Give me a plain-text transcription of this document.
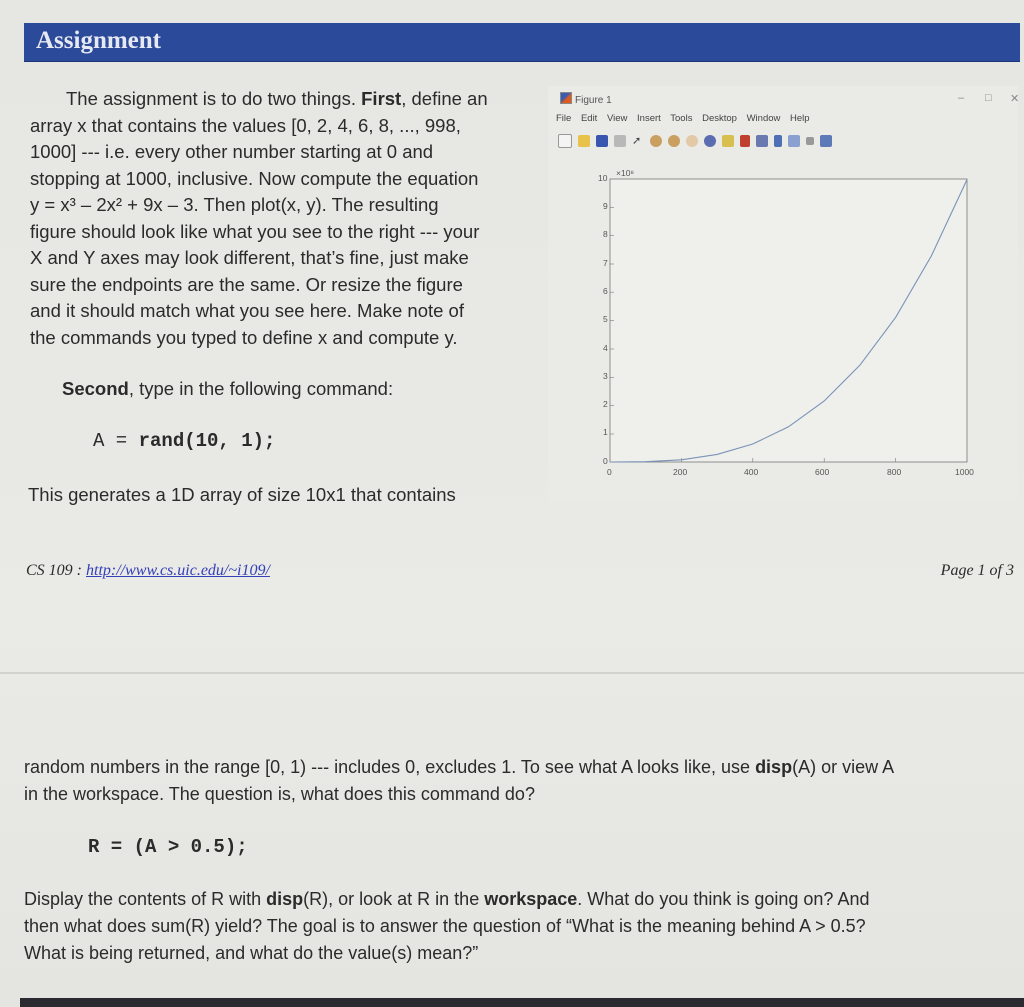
Assignment
The assignment is to do two things. First, define an
array x that contains the values [0, 2, 4, 6, 8, ..., 998,
1000] --- i.e. every other number starting at 0 and
stopping at 1000, inclusive. Now compute the equation
y = x³ – 2x² + 9x – 3. Then plot(x, y). The resulting
figure should look like what you see to the right --- your
X and Y axes may look different, that’s fine, just make
sure the endpoints are the same. Or resize the figure
and it should match what you see here. Make note of
the commands you typed to define x and compute y.
Second, type in the following command:
A = rand(10, 1);
This generates a 1D array of size 10x1 that contains
CS 109 : http://www.cs.uic.edu/~i109/	Page 1 of 3
random numbers in the range [0, 1) --- includes 0, excludes 1. To see what A looks like, use disp(A) or view A
in the workspace. The question is, what does this command do?
R = (A > 0.5);
Display the contents of R with disp(R), or look at R in the workspace. What do you think is going on? And
then what does sum(R) yield? The goal is to answer the question of “What is the meaning behind A > 0.5?
What is being returned, and what do the value(s) mean?”
Figure 1	– □ ✕
File Edit View Insert Tools Desktop Window Help
➚
10 ×10⁸
9
8
7
6
5
4
3
2
1
0
0	200	400	600	800	1000
